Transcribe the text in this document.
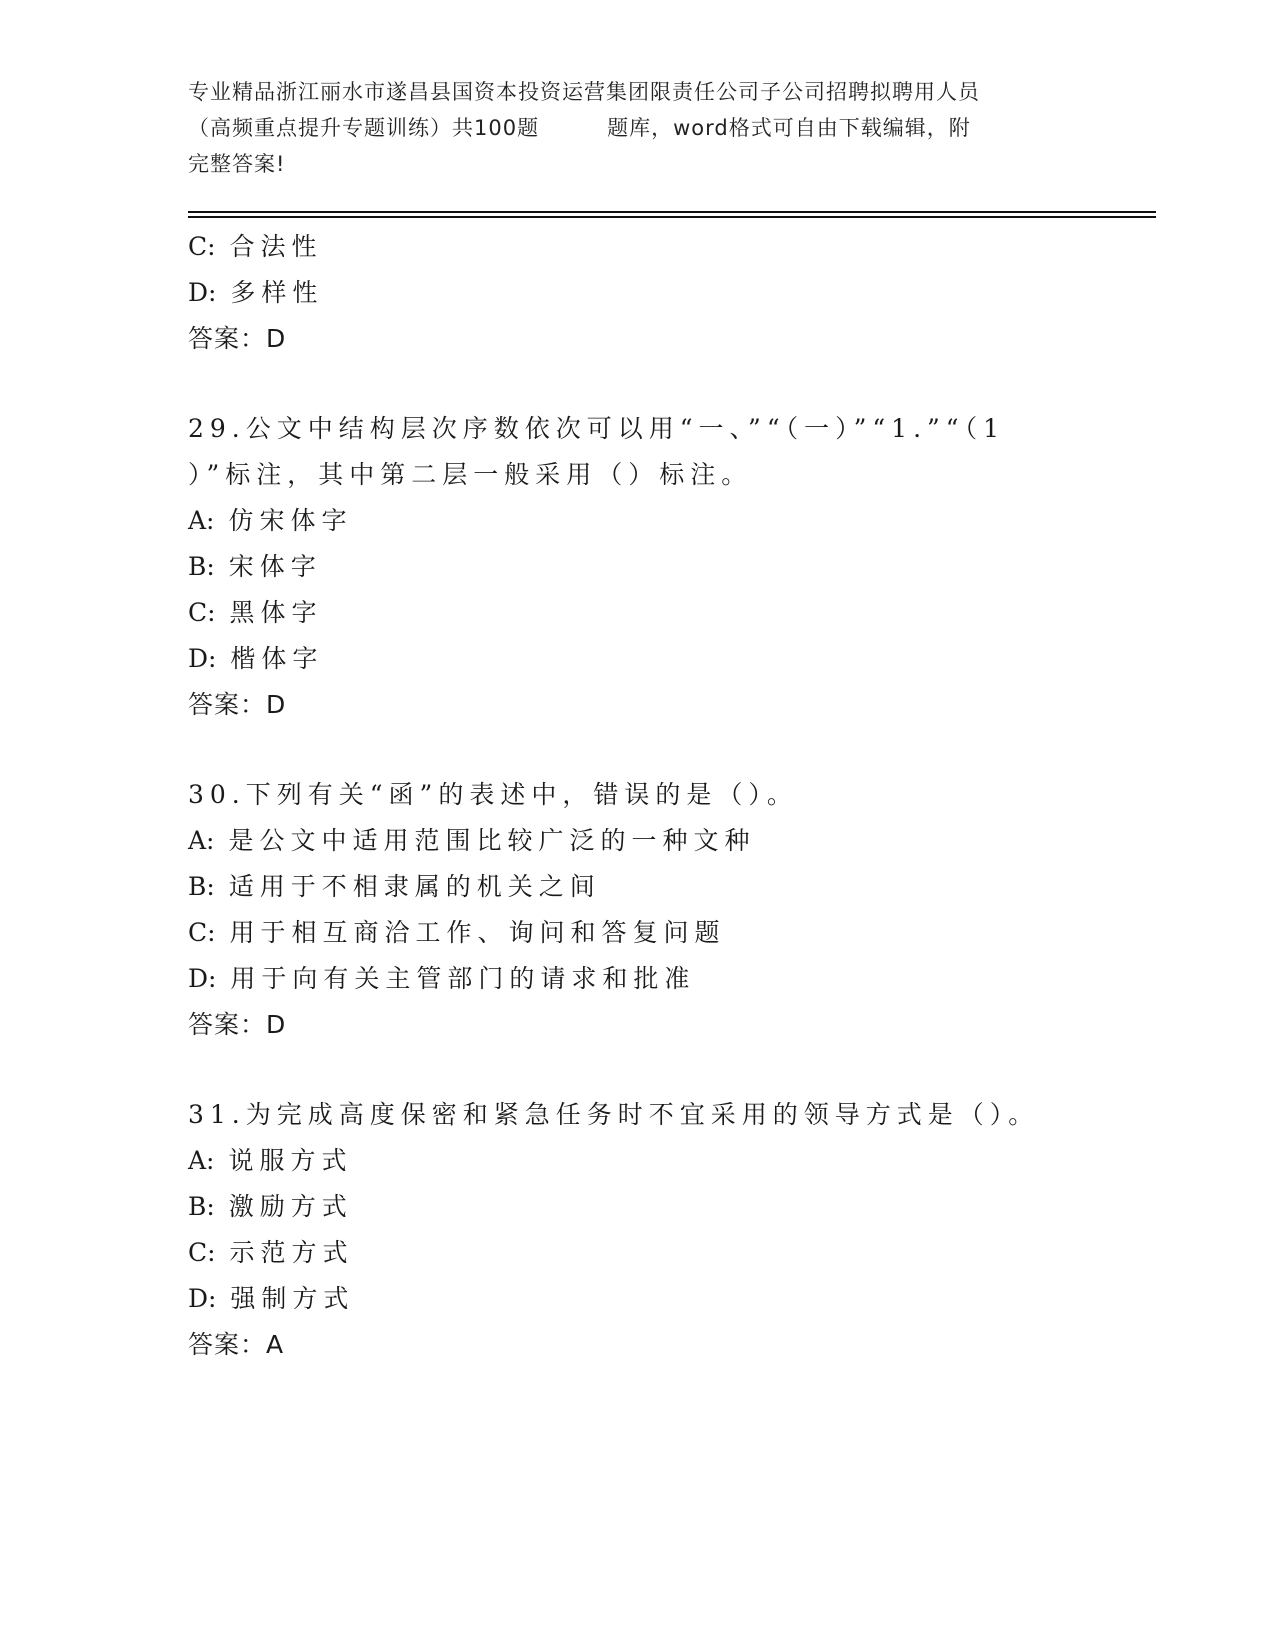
专业精品浙江丽水市遂昌县国资本投资运营集团限责任公司子公司招聘拟聘用人员
（高频重点提升专题训练）共100题	题库，word格式可自由下载编辑，附
完整答案!
C: 合法性
D: 多样性
答案：D
29.公文中结构层次序数依次可以用“一、”“（一）”“1.”“（1
）”标注，其中第二层一般采用（）标注。
A: 仿宋体字
B: 宋体字
C: 黑体字
D: 楷体字
答案：D
30.下列有关“函”的表述中，错误的是（）。
A: 是公文中适用范围比较广泛的一种文种
B: 适用于不相隶属的机关之间
C: 用于相互商洽工作、询问和答复问题
D: 用于向有关主管部门的请求和批准
答案：D
31.为完成高度保密和紧急任务时不宜采用的领导方式是（）。
A: 说服方式
B: 激励方式
C: 示范方式
D: 强制方式
答案：A
